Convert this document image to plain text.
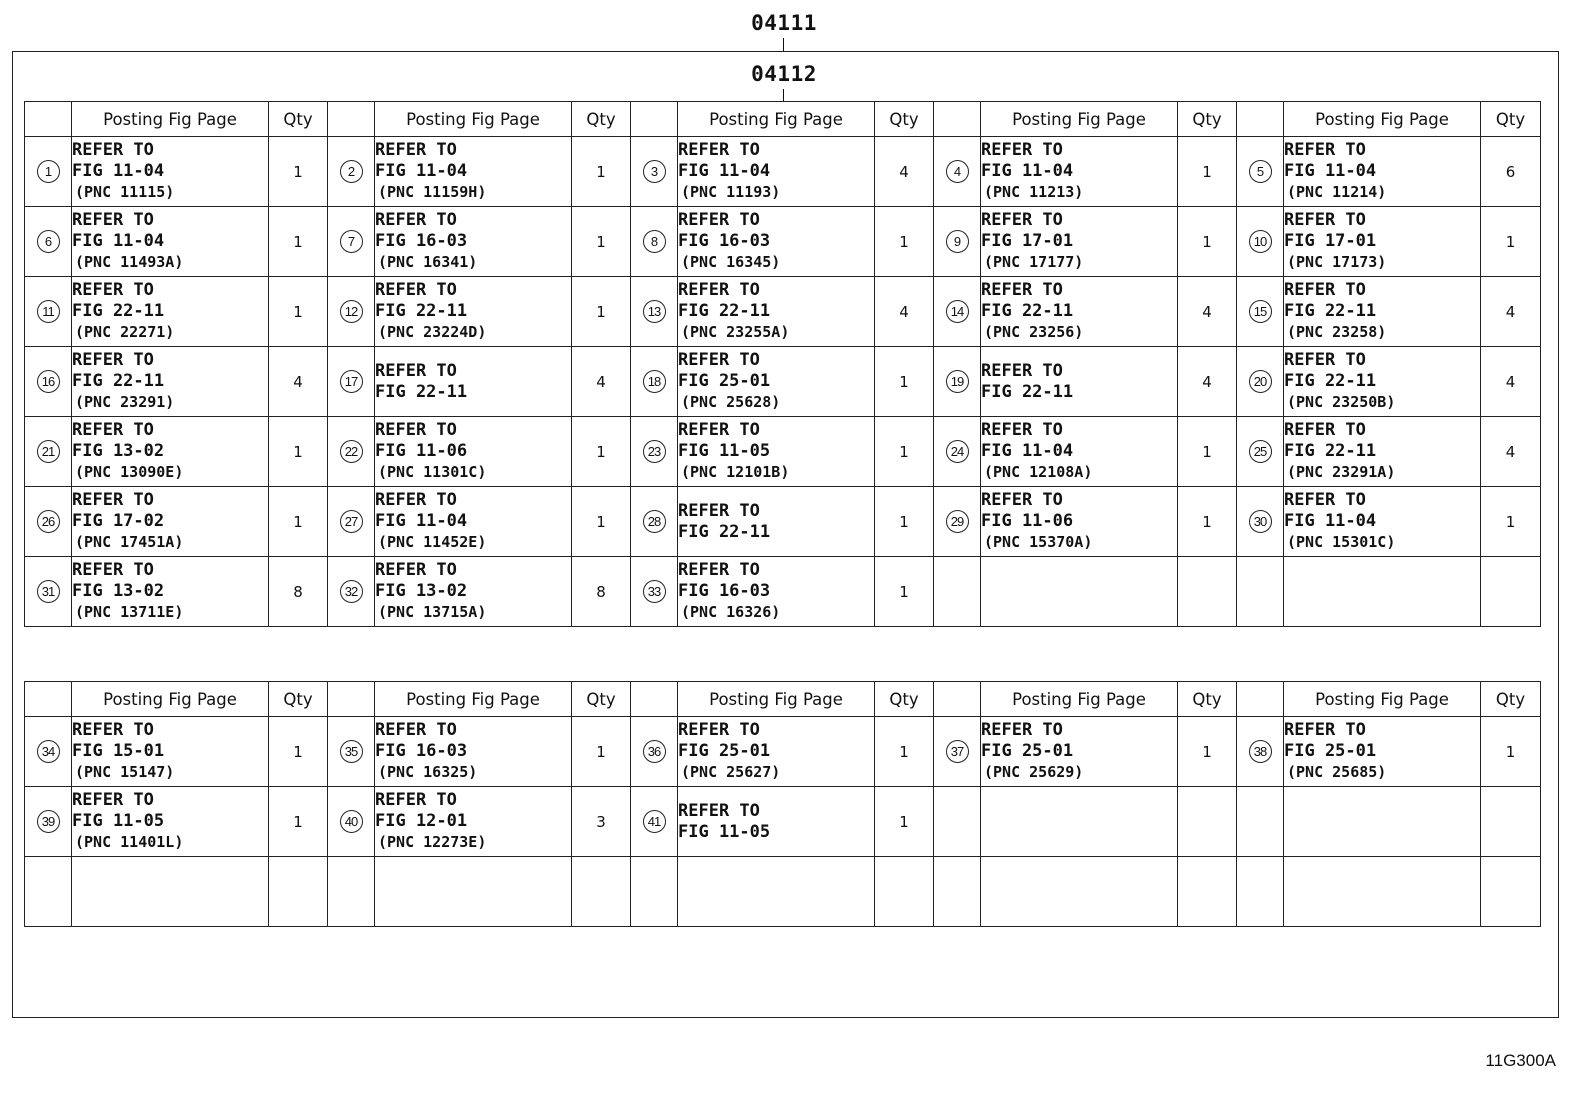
04111
04112
	Posting Fig Page	Qty		Posting Fig Page	Qty		Posting Fig Page	Qty		Posting Fig Page	Qty		Posting Fig Page	Qty
1	REFER TO
FIG 11-04
(PNC 11115)	1	2	REFER TO
FIG 11-04
(PNC 11159H)	1	3	REFER TO
FIG 11-04
(PNC 11193)	4	4	REFER TO
FIG 11-04
(PNC 11213)	1	5	REFER TO
FIG 11-04
(PNC 11214)	6
6	REFER TO
FIG 11-04
(PNC 11493A)	1	7	REFER TO
FIG 16-03
(PNC 16341)	1	8	REFER TO
FIG 16-03
(PNC 16345)	1	9	REFER TO
FIG 17-01
(PNC 17177)	1	10	REFER TO
FIG 17-01
(PNC 17173)	1
11	REFER TO
FIG 22-11
(PNC 22271)	1	12	REFER TO
FIG 22-11
(PNC 23224D)	1	13	REFER TO
FIG 22-11
(PNC 23255A)	4	14	REFER TO
FIG 22-11
(PNC 23256)	4	15	REFER TO
FIG 22-11
(PNC 23258)	4
16	REFER TO
FIG 22-11
(PNC 23291)	4	17	REFER TO
FIG 22-11	4	18	REFER TO
FIG 25-01
(PNC 25628)	1	19	REFER TO
FIG 22-11	4	20	REFER TO
FIG 22-11
(PNC 23250B)	4
21	REFER TO
FIG 13-02
(PNC 13090E)	1	22	REFER TO
FIG 11-06
(PNC 11301C)	1	23	REFER TO
FIG 11-05
(PNC 12101B)	1	24	REFER TO
FIG 11-04
(PNC 12108A)	1	25	REFER TO
FIG 22-11
(PNC 23291A)	4
26	REFER TO
FIG 17-02
(PNC 17451A)	1	27	REFER TO
FIG 11-04
(PNC 11452E)	1	28	REFER TO
FIG 22-11	1	29	REFER TO
FIG 11-06
(PNC 15370A)	1	30	REFER TO
FIG 11-04
(PNC 15301C)	1
31	REFER TO
FIG 13-02
(PNC 13711E)	8	32	REFER TO
FIG 13-02
(PNC 13715A)	8	33	REFER TO
FIG 16-03
(PNC 16326)	1						
	Posting Fig Page	Qty		Posting Fig Page	Qty		Posting Fig Page	Qty		Posting Fig Page	Qty		Posting Fig Page	Qty
34	REFER TO
FIG 15-01
(PNC 15147)	1	35	REFER TO
FIG 16-03
(PNC 16325)	1	36	REFER TO
FIG 25-01
(PNC 25627)	1	37	REFER TO
FIG 25-01
(PNC 25629)	1	38	REFER TO
FIG 25-01
(PNC 25685)	1
39	REFER TO
FIG 11-05
(PNC 11401L)	1	40	REFER TO
FIG 12-01
(PNC 12273E)	3	41	REFER TO
FIG 11-05	1						

11G300A
